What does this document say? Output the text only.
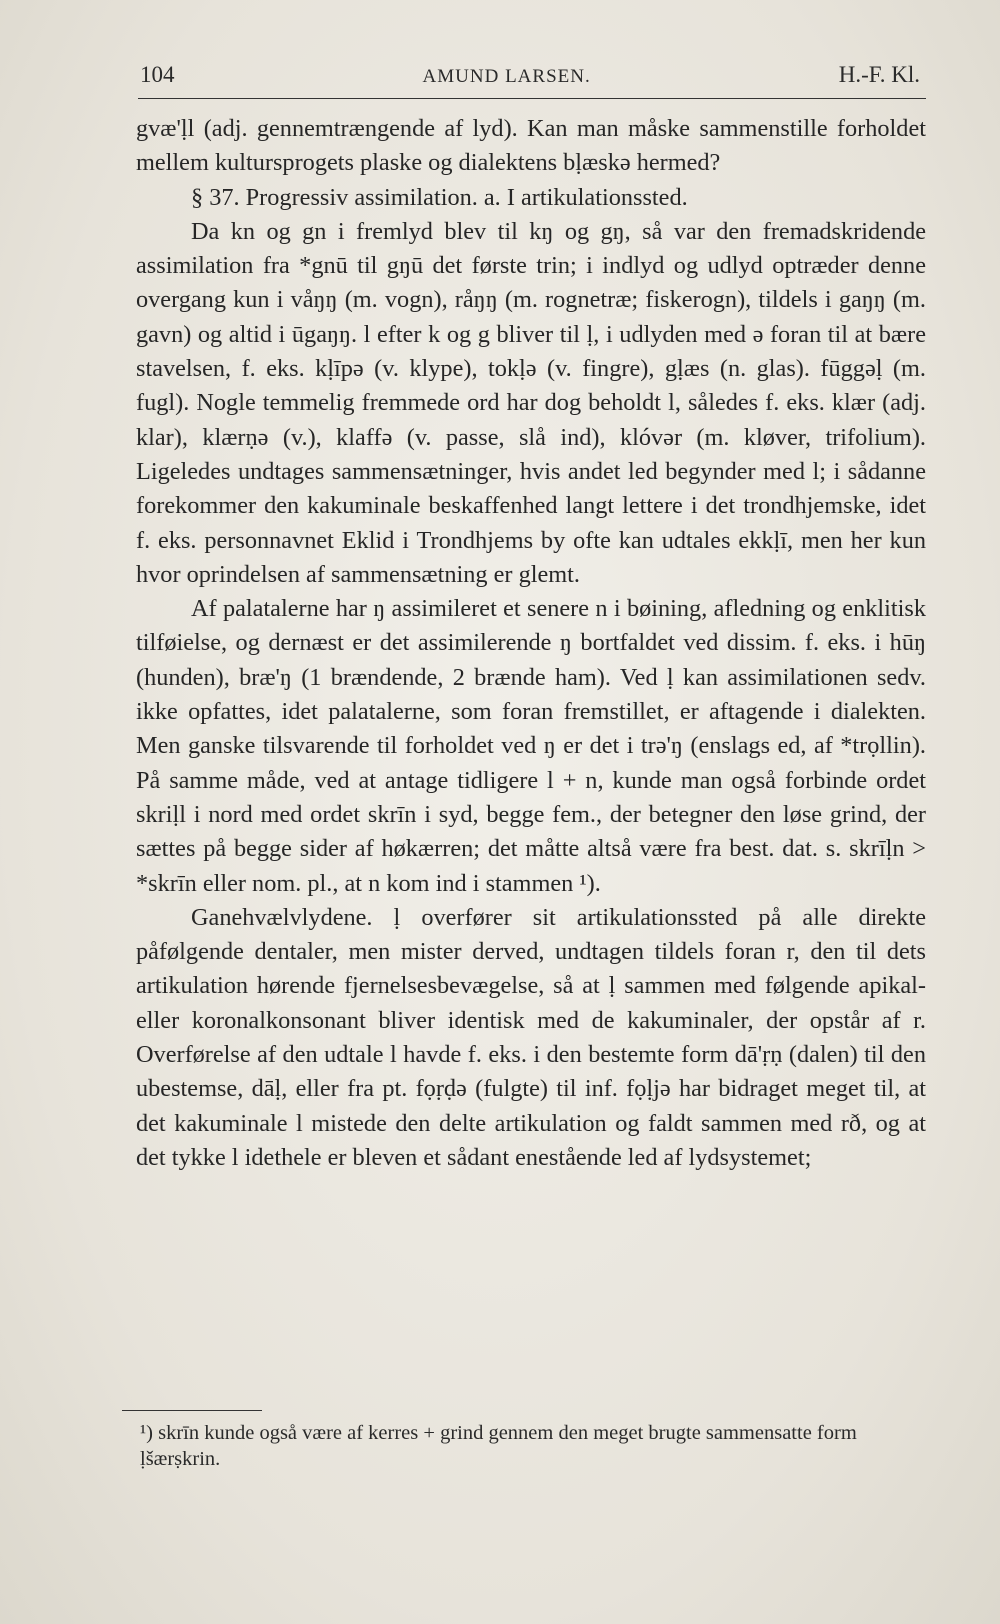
104	AMUND LARSEN.	H.-F. Kl.

gvæ'ḷl (adj. gennemtrængende af lyd). Kan man måske sammenstille forholdet mellem kultursprogets plaske og dialektens bḷæskə hermed?

§ 37. Progressiv assimilation. a. I artikulationssted.

Da kn og gn i fremlyd blev til kŋ og gŋ, så var den fremadskridende assimilation fra *gnū til gŋū det første trin; i indlyd og udlyd optræder denne overgang kun i våŋŋ (m. vogn), råŋŋ (m. rognetræ; fiskerogn), tildels i gaŋŋ (m. gavn) og altid i ūgaŋŋ. l efter k og g bliver til ḷ, i udlyden med ə foran til at bære stavelsen, f. eks. kḷīpə (v. klype), tokḷə (v. fingre), gḷæs (n. glas). fūggəḷ (m. fugl). Nogle temmelig fremmede ord har dog beholdt l, således f. eks. klær (adj. klar), klærṇə (v.), klaffə (v. passe, slå ind), klóvər (m. kløver, trifolium). Ligeledes undtages sammensætninger, hvis andet led begynder med l; i sådanne forekommer den kakuminale beskaffenhed langt lettere i det trondhjemske, idet f. eks. personnavnet Eklid i Trondhjems by ofte kan udtales ekkḷī, men her kun hvor oprindelsen af sammensætning er glemt.

Af palatalerne har ŋ assimileret et senere n i bøining, afledning og enklitisk tilføielse, og dernæst er det assimilerende ŋ bortfaldet ved dissim. f. eks. i hūŋ (hunden), bræ'ŋ (1 brændende, 2 brænde ham). Ved ḷ kan assimilationen sedv. ikke opfattes, idet palatalerne, som foran fremstillet, er aftagende i dialekten. Men ganske tilsvarende til forholdet ved ŋ er det i trə'ŋ (enslags ed, af *trọllin). På samme måde, ved at antage tidligere l + n, kunde man også forbinde ordet skriḷl i nord med ordet skrīn i syd, begge fem., der betegner den løse grind, der sættes på begge sider af høkærren; det måtte altså være fra best. dat. s. skrīḷn > *skrīn eller nom. pl., at n kom ind i stammen ¹).

Ganehvælvlydene. ḷ overfører sit artikulationssted på alle direkte påfølgende dentaler, men mister derved, undtagen tildels foran r, den til dets artikulation hørende fjernelsesbevægelse, så at ḷ sammen med følgende apikal- eller koronalkonsonant bliver identisk med de kakuminaler, der opstår af r. Overførelse af den udtale l havde f. eks. i den bestemte form dā'ṛṇ (dalen) til den ubestemse, dāḷ, eller fra pt. fọṛḍə (fulgte) til inf. fọḷjə har bidraget meget til, at det kakuminale l mistede den delte artikulation og faldt sammen med rð, og at det tykke l idethele er bleven et sådant enestående led af lydsystemet;

¹) skrīn kunde også være af kerres + grind gennem den meget brugte sammensatte form ḷšærṣkrin.
